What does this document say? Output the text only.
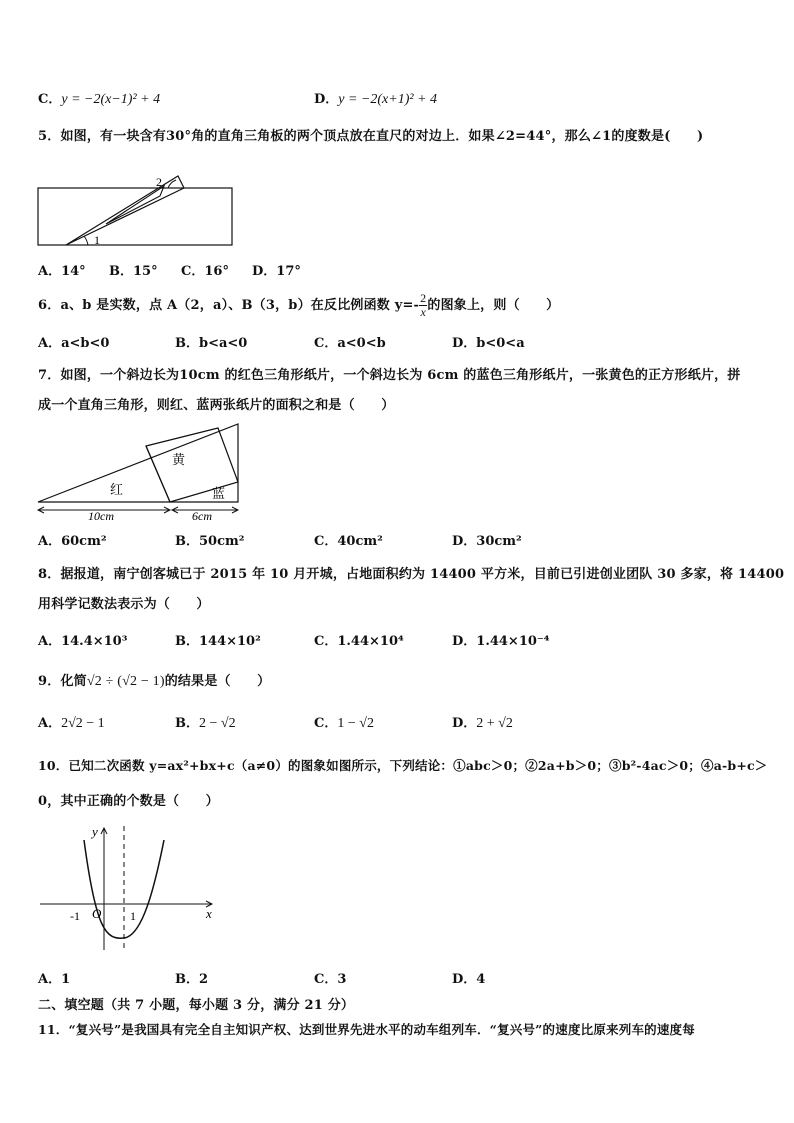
C．y = −2(x−1)² + 4	D．y = −2(x+1)² + 4
5．如图，有一块含有30°角的直角三角板的两个顶点放在直尺的对边上．如果∠2=44°，那么∠1的度数是(　　)
1
2
A．14° B．15° C．16° D．17°
6．a、b 是实数，点 A（2，a）、B（3，b）在反比例函数 $y=- \frac{2}{x}$ 的图象上，则（　　）
A．a<b<0	B．b<a<0	C．a<0<b	D．b<0<a
7．如图，一个斜边长为10cm 的红色三角形纸片，一个斜边长为 6cm 的蓝色三角形纸片，一张黄色的正方形纸片，拼
成一个直角三角形，则红、蓝两张纸片的面积之和是（　　）
黄
红	蓝
10cm	6cm
A．60cm²	B．50cm²	C．40cm²	D．30cm²
8．据报道，南宁创客城已于 2015 年 10 月开城，占地面积约为 14400 平方米，目前已引进创业团队 30 多家，将 14400
用科学记数法表示为（　　）
A．14.4×10³	B．144×10²	C．1.44×10⁴	D．1.44×10⁻⁴
9．化简√2 ÷ (√2 − 1)的结果是（　　）
A．2√2 − 1	B．2 − √2	C．1 − √2	D．2 + √2
10．已知二次函数 y=ax²+bx+c（a≠0）的图象如图所示，下列结论：①abc＞0；②2a+b＞0；③b²-4ac＞0；④a-b+c＞
0，其中正确的个数是（　　）
y
x
O
-1	1
A．1	B．2	C．3	D．4
二、填空题（共 7 小题，每小题 3 分，满分 21 分）
11．“复兴号”是我国具有完全自主知识产权、达到世界先进水平的动车组列车．“复兴号”的速度比原来列车的速度每
